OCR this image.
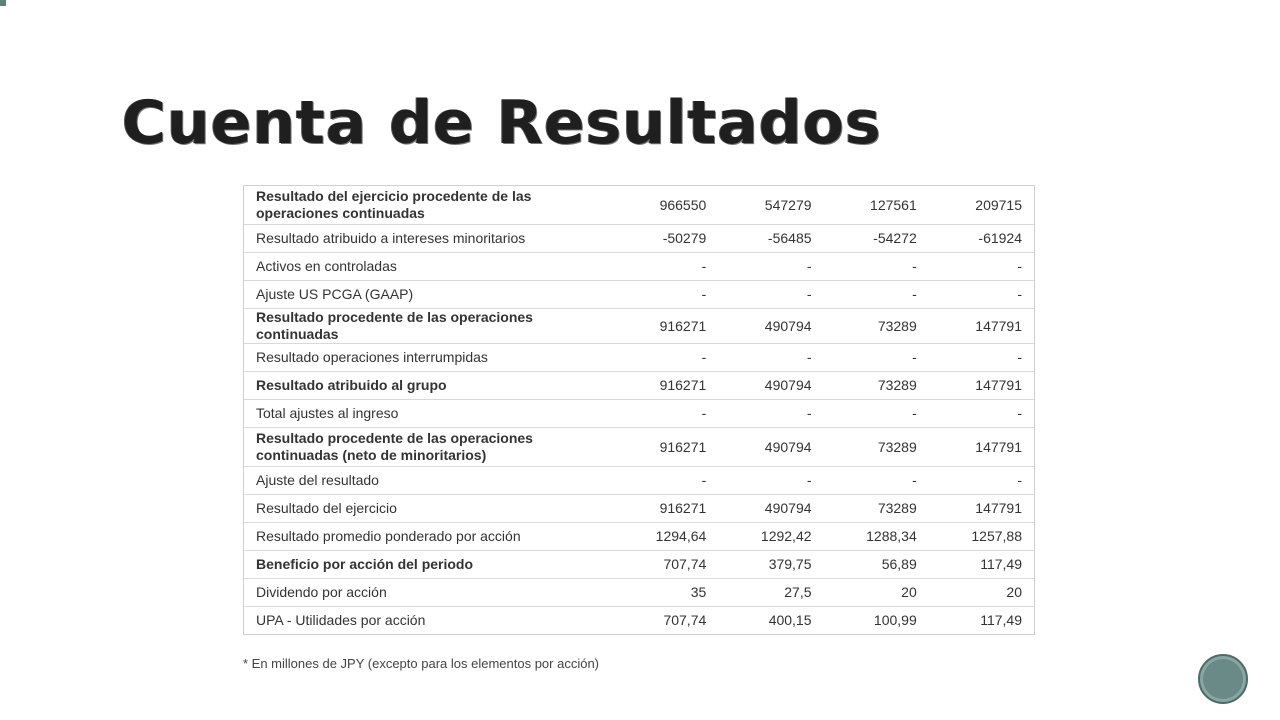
Cuenta de Resultados
Resultado del ejercicio procedente de las operaciones continuadas	966550	547279	127561	209715
Resultado atribuido a intereses minoritarios	-50279	-56485	-54272	-61924
Activos en controladas	-	-	-	-
Ajuste US PCGA (GAAP)	-	-	-	-
Resultado procedente de las operaciones continuadas	916271	490794	73289	147791
Resultado operaciones interrumpidas	-	-	-	-
Resultado atribuido al grupo	916271	490794	73289	147791
Total ajustes al ingreso	-	-	-	-
Resultado procedente de las operaciones continuadas (neto de minoritarios)	916271	490794	73289	147791
Ajuste del resultado	-	-	-	-
Resultado del ejercicio	916271	490794	73289	147791
Resultado promedio ponderado por acción	1294,64	1292,42	1288,34	1257,88
Beneficio por acción del periodo	707,74	379,75	56,89	117,49
Dividendo por acción	35	27,5	20	20
UPA - Utilidades por acción	707,74	400,15	100,99	117,49

* En millones de JPY (excepto para los elementos por acción)
